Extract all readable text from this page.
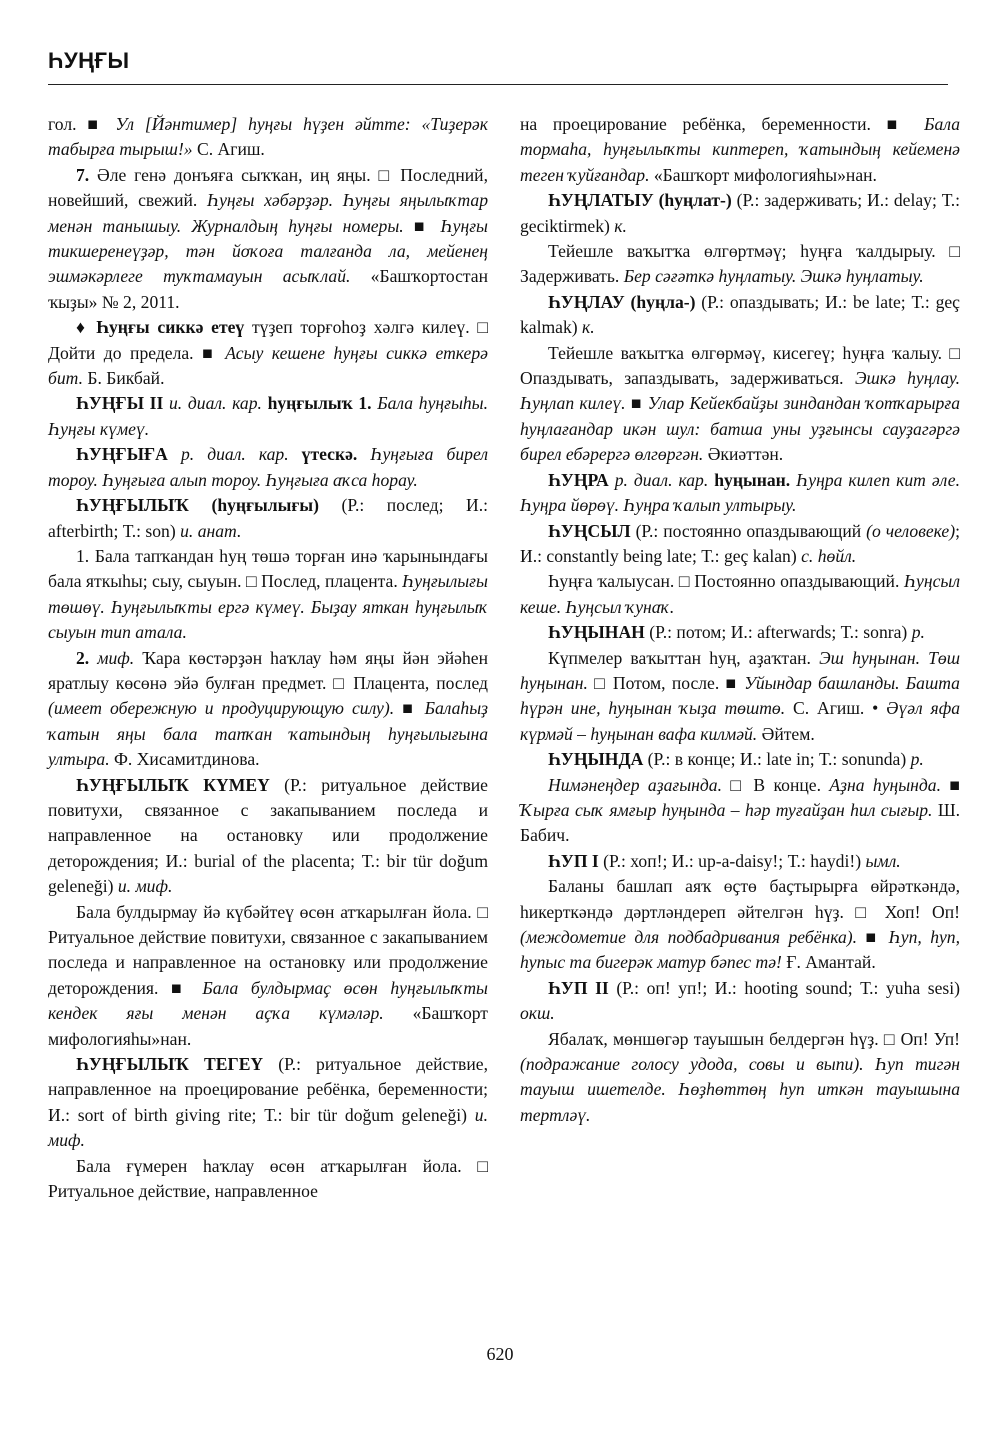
ҺУҢҒЫ

гол. ■ Ул [Йәнтимер] һуңғы һүҙен әйтте: «Тиҙерәк табырға тырыш!» С. Агиш.

7. Әле генә донъяға сыҡҡан, иң яңы. □ Последний, новейший, свежий. Һуңғы хәбәрҙәр. Һуңғы яңылыҡтар менән танышыу. Журналдың һуңғы номеры. ■ Һуңғы тикшеренеүҙәр, тән йоҡоға талғанда ла, мейенең эшмәкәрлеге туҡтамауын асыҡлай. «Башҡортостан ҡыҙы» № 2, 2011.

♦ Һуңғы сиккә етеү түҙеп торғоһоҙ хәлгә килеү. □ Дойти до предела. ■ Асыу кешене һуңғы сиккә еткерә бит. Б. Бикбай.

ҺУҢҒЫ II и. диал. кар. һуңғылыҡ 1. Бала һуңғыһы. Һуңғы күмеү.

ҺУҢҒЫҒА р. диал. кар. үтескә. Һуңғыға бирел тороу. Һуңғыға алып тороу. Һуңғыға аҡса һорау.

ҺУҢҒЫЛЫҠ (һуңғылығы) (Р.: послед; И.: afterbirth; Т.: son) и. анат.

1. Бала тапҡандан һуң төшә торған инә ҡарынындағы бала яткыһы; сыу, сыуын. □ Послед, плацента. Һуңғылығы төшөү. Һуңғылыҡты ергә күмеү. Быҙау яткан һуңғылыҡ сыуын тип атала.

2. миф. Ҡара көстәрҙән һаҡлау һәм яңы йән эйәһен яратлыу көсөнә эйә булған предмет. □ Плацента, послед (имеет обережную и продуцирующую силу). ■ Балаһыҙ ҡатын яңы бала тапҡан ҡатындың һуңғылығына ултыра. Ф. Хисамитдинова.

ҺУҢҒЫЛЫҠ КҮМЕҮ (Р.: ритуальное действие повитухи, связанное с закапыванием последа и направленное на остановку или продолжение деторождения; И.: burial of the placenta; Т.: bir tür doğum geleneği) и. миф.

Бала булдырмау йә күбәйтеү өсөн атҡарылған йола. □ Ритуальное действие повитухи, связанное с закапыванием последа и направленное на остановку или продолжение деторождения. ■ Бала булдырмаҫ өсөн һуңғылыҡты кендек яғы менән аҫҡа күмәләр. «Башҡорт мифологияһы»нан.

ҺУҢҒЫЛЫҠ ТЕГЕҮ (Р.: ритуальное действие, направленное на проецирование ребёнка, беременности; И.: sort of birth giving rite; Т.: bir tür doğum geleneği) и. миф.

Бала ғүмерен һаҡлау өсөн атҡарылған йола. □ Ритуальное действие, направленное

на проецирование ребёнка, беременности. ■ Бала тормаһа, һуңғылыҡты киптереп, ҡатындың кейеменә теген ҡуйғандар. «Башҡорт мифологияһы»нан.

ҺУҢЛАТЫУ (һуңлат-) (Р.: задерживать; И.: delay; Т.: geciktirmek) к.

Тейешле ваҡытҡа өлгөртмәү; һуңға ҡалдырыу. □ Задерживать. Бер сәғәткә һуңлатыу. Эшкә һуңлатыу.

ҺУҢЛАУ (һуңла-) (Р.: опаздывать; И.: be late; Т.: geç kalmak) к.

Тейешле ваҡытҡа өлгөрмәү, кисегеү; һуңға ҡалыу. □ Опаздывать, запаздывать, задерживаться. Эшкә һуңлау. Һуңлап килеү. ■ Улар Кейекбайҙы зиндандан ҡотҡарырға һуңлағандар икән шул: батша уны уҙғынсы сауҙагәргә бирел ебәрергә өлгөргән. Әкиәттән.

ҺУҢРА р. диал. кар. һуңынан. Һуңра килеп кит әле. Һуңра йөрөү. Һуңра ҡалып ултырыу.

ҺУҢСЫЛ (Р.: постоянно опаздывающий (о человеке); И.: constantly being late; Т.: geç kalan) с. һөйл.

Һуңға ҡалыусан. □ Постоянно опаздывающий. Һуңсыл кеше. Һуңсыл ҡунаҡ.

ҺУҢЫНАН (Р.: потом; И.: afterwards; Т.: sonra) р.

Күпмелер ваҡыттан һуң, аҙаҡтан. Эш һуңынан. Төш һуңынан. □ Потом, после. ■ Уйындар башланды. Башта һүрән ине, һуңынан ҡыҙа төштө. С. Агиш. • Әүәл яфа күрмәй – һуңынан вафа килмәй. Әйтем.

ҺУҢЫНДА (Р.: в конце; И.: late in; Т.: sonunda) р.

Нимәнеңдер аҙағында. □ В конце. Аҙна һуңында. ■ Ҡырға сыҡ ямғыр һуңында – һәр туғайҙан һил сығыр. Ш. Бабич.

ҺУП I (Р.: хоп!; И.: up-a-daisy!; Т.: haydi!) ымл.

Баланы башлап аяҡ өҫтө баҫтырырға өйрәткәндә, һикерткәндә дәртләндереп әйтелгән һүҙ. □ Хоп! Оп! (междометие для подбадривания ребёнка). ■ Һуп, һуп, һупыс та бигерәк матур бәпес тә! Ғ. Амантай.

ҺУП II (Р.: оп! уп!; И.: hooting sound; Т.: yuha sesi) окш.

Ябалаҡ, мөншөгәр тауышын белдергән һүҙ. □ Оп! Уп! (подражание голосу удода, совы и выпи). Һуп тигән тауыш ишетелде. Һөҙһөттөң һуп иткән тауышына тертләү.

620
